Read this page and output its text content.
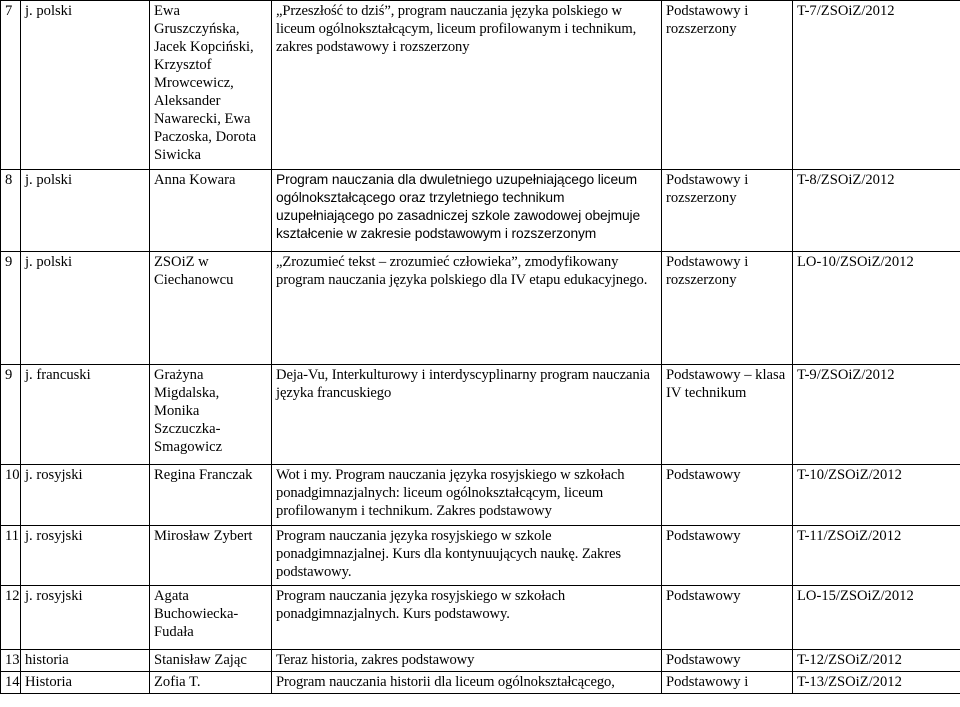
7	j. polski	Ewa Gruszczyńska, Jacek Kopciński, Krzysztof Mrowcewicz, Aleksander Nawarecki, Ewa Paczoska, Dorota Siwicka	„Przeszłość to dziś”, program nauczania języka polskiego w liceum ogólnokształcącym, liceum profilowanym i technikum, zakres podstawowy i rozszerzony	Podstawowy i rozszerzony	T-7/ZSOiZ/2012
8	j. polski	Anna Kowara	Program nauczania dla dwuletniego uzupełniającego liceum ogólnokształcącego oraz trzyletniego technikum uzupełniającego po zasadniczej szkole zawodowej obejmuje kształcenie w zakresie podstawowym i rozszerzonym	Podstawowy i rozszerzony	T-8/ZSOiZ/2012
9	j. polski	ZSOiZ w Ciechanowcu	„Zrozumieć tekst – zrozumieć człowieka”, zmodyfikowany program nauczania języka polskiego dla IV etapu edukacyjnego.	Podstawowy i rozszerzony	LO-10/ZSOiZ/2012
9	j. francuski	Grażyna Migdalska, Monika Szczuczka-Smagowicz	Deja-Vu, Interkulturowy i interdyscyplinarny program nauczania języka francuskiego	Podstawowy – klasa IV technikum	T-9/ZSOiZ/2012
10	j. rosyjski	Regina Franczak	Wot i my. Program nauczania języka rosyjskiego w szkołach ponadgimnazjalnych: liceum ogólnokształcącym, liceum profilowanym i technikum. Zakres podstawowy	Podstawowy	T-10/ZSOiZ/2012
11	j. rosyjski	Mirosław Zybert	Program nauczania języka rosyjskiego w szkole ponadgimnazjalnej. Kurs dla kontynuujących naukę. Zakres podstawowy.	Podstawowy	T-11/ZSOiZ/2012
12	j. rosyjski	Agata Buchowiecka-Fudała	Program nauczania języka rosyjskiego w szkołach ponadgimnazjalnych. Kurs podstawowy.	Podstawowy	LO-15/ZSOiZ/2012
13	historia	Stanisław Zając	Teraz historia, zakres podstawowy	Podstawowy	T-12/ZSOiZ/2012
14	Historia	Zofia T.	Program nauczania historii dla liceum ogólnokształcącego,	Podstawowy i	T-13/ZSOiZ/2012
